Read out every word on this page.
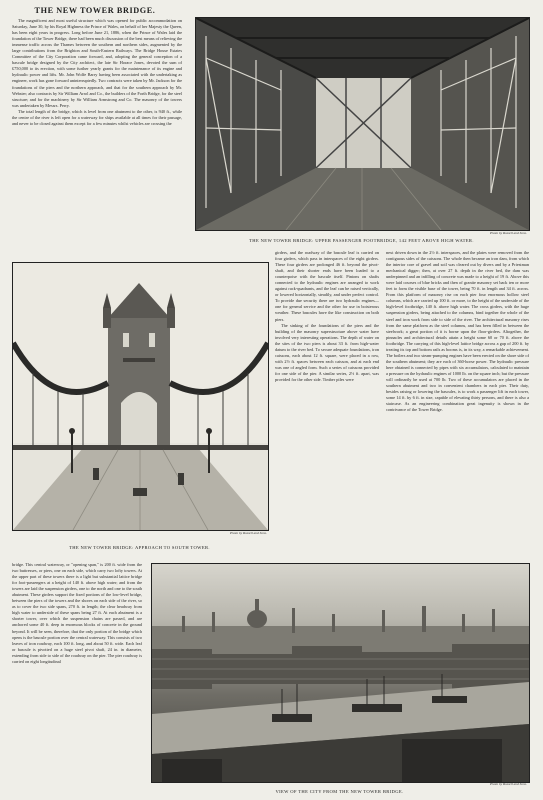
THE NEW TOWER BRIDGE.

The magnificent and most useful structure which was opened for public accommodation on Saturday, June 30, by his Royal Highness the Prince of Wales, on behalf of her Majesty the Queen, has been eight years in progress. Long before June 21, 1886, when the Prince of Wales laid the foundation of the Tower Bridge, there had been much discussion of the best means of relieving the immense traffic across the Thames between the southern and northern sides, augmented by the large contributions from the Brighton and South-Eastern Railways. The Bridge House Estates Committee of the City Corporation came forward, and, adopting the general conception of a bascule bridge designed by the City architect, the late Sir Horace Jones, devoted the sum of £750,000 to its erection, with some further yearly grants for the maintenance of its engine and hydraulic power and lifts. Mr. John Wolfe Barry having been associated with the undertaking as engineer, work has gone forward uninterruptedly. Two contracts were taken by Mr. Jackson for the foundations of the piers and the northern approach, and that for the southern approach by Mr. Webster; also contracts by Sir William Arrol and Co., the builders of the Forth Bridge, for the steel structure; and for the machinery by Sir William Armstrong and Co. The masonry of the towers was undertaken by Messrs. Perry.

The total length of the bridge, which is level from one abutment to the other, is 940 ft., while the centre of the river is left open for a waterway for ships available at all times for their passage, and never to be closed against them except for a few minutes whilst vehicles are crossing the

THE NEW TOWER BRIDGE: UPPER PASSENGER FOOTBRIDGE, 142 FEET ABOVE HIGH WATER.
Photo by Russell and Sons.
Photo by Russell and Sons.
THE NEW TOWER BRIDGE: APPROACH TO SOUTH TOWER.

girders, and the roadway of the bascule leaf is carried on four girders, which pass in interspaces of the eight girders. These four girders are prolonged 46 ft. beyond the pivot-shaft, and their shorter ends have been loaded to a counterpoise with the bascule itself. Pinions on shafts connected to the hydraulic engines are arranged to work against rack-quadrants, and the leaf can be raised vertically, or lowered horizontally, steadily, and under perfect control. To provide due security there are two hydraulic engines—one for general service and the other for use in boisterous weather. These bascules have the like construction on both piers.

The sinking of the foundations of the piers and the building of the masonry superstructure above water have involved very interesting operations. The depth of water on the sites of the two piers is about 33 ft. from high-water datum to the river bed. To secure adequate foundations, iron caissons, each about 12 ft. square, were placed in a row, with 2½ ft. spaces between each caisson, and at each end was one of angled form. Such a series of caissons provided for one side of the pier. A similar series, 2½ ft. apart, was provided for the other side. Timber piles were

next driven down in the 2½ ft. interspaces, and the plates were removed from the contiguous sides of the caissons. The whole then became an iron dam, from which the interior core of gravel and soil was cleared out by divers and by a Priestman mechanical digger; then, at over 27 ft. depth in the river bed, the dam was underpinned and an infilling of concrete was made to a height of 19 ft. Above this were laid courses of blue bricks and then of granite masonry set back ten or more feet to form the visible base of the tower, being 70 ft. in length and 34 ft. across. From this platform of masonry rise on each pier four enormous hollow steel columns, which are carried up 100 ft. or more, to the height of the underside of the high-level footbridge, 140 ft. above high water. The cross girders, with the huge suspension girders, being attached to the columns, bind together the whole of the steel and iron work from side to side of the river. The architectural masonry rises from the same platform as the steel columns, and has been filled in between the steelwork; a great portion of it is borne upon the floor-girders. Altogether, the pinnacles and architectural details attain a height some 60 or 70 ft. above the footbridge. The carrying of this high-level lattice bridge across a gap of 200 ft. by treating its top and bottom rails as booms is, in its way, a remarkable achievement. The boilers and two steam-pumping engines have been erected on the shore side of the southern abutment; they are each of 360-horse power. The hydraulic pressure here obtained is connected by pipes with six accumulators, calculated to maintain a pressure on the hydraulic engines of 1000 lb. on the square inch; but the pressure will ordinarily be used at 700 lb. Two of these accumulators are placed in the southern abutment and two in convenient chambers in each pier. Their duty, besides raising or lowering the bascules, is to work a passenger lift in each tower, some 14 ft. by 6 ft. in size, capable of elevating thirty persons, and there is also a staircase. As an engineering combination great ingenuity is shown in the contrivance of the Tower Bridge.

bridge. This central waterway, or "opening span," is 200 ft. wide from the two buttresses, or piers, one on each side, which carry two lofty towers. At the upper part of these towers there is a light but substantial lattice bridge for foot-passengers at a height of 140 ft. above high water; and from the towers are laid the suspension girders, one to the north and one to the south abutment. These girders support the fixed portions of the low-level bridge, between the piers of the towers and the shores on each side of the river, so as to cover the two side spans, 270 ft. in length; the clear headway from high water to underside of these spans being 27 ft. At each abutment is a shorter tower, over which the suspension chains are passed, and are anchored some 40 ft. deep in enormous blocks of concrete in the ground beyond. It will be seen, therefore, that the only portion of the bridge which opens is the bascule portion over the central waterway. This consists of two leaves of iron roadway, each 100 ft. long, and about 50 ft. wide. Each leaf or bascule is pivotted on a huge steel pivot shaft, 24 in. in diameter, extending from side to side of the roadway on the pier. The pier roadway is carried on eight longitudinal

Photo by Russell and Sons.
VIEW OF THE CITY FROM THE NEW TOWER BRIDGE.
